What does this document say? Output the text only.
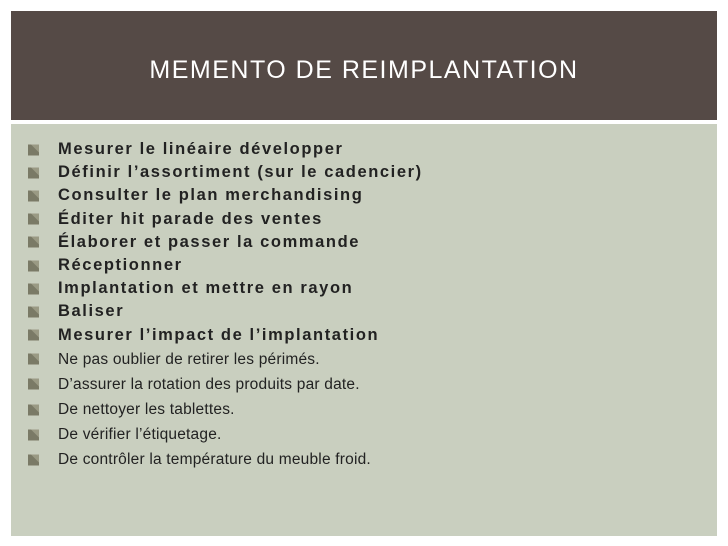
MEMENTO DE REIMPLANTATION
Mesurer le linéaire développer
Définir l’assortiment (sur le cadencier)
Consulter le plan merchandising
Éditer hit parade des ventes
Élaborer et passer la commande
Réceptionner
Implantation et mettre en rayon
Baliser
Mesurer l’impact de l’implantation
Ne pas oublier de retirer les périmés.
D’assurer la rotation des produits par date.
De nettoyer les tablettes.
De vérifier l’étiquetage.
De contrôler la température du meuble froid.
